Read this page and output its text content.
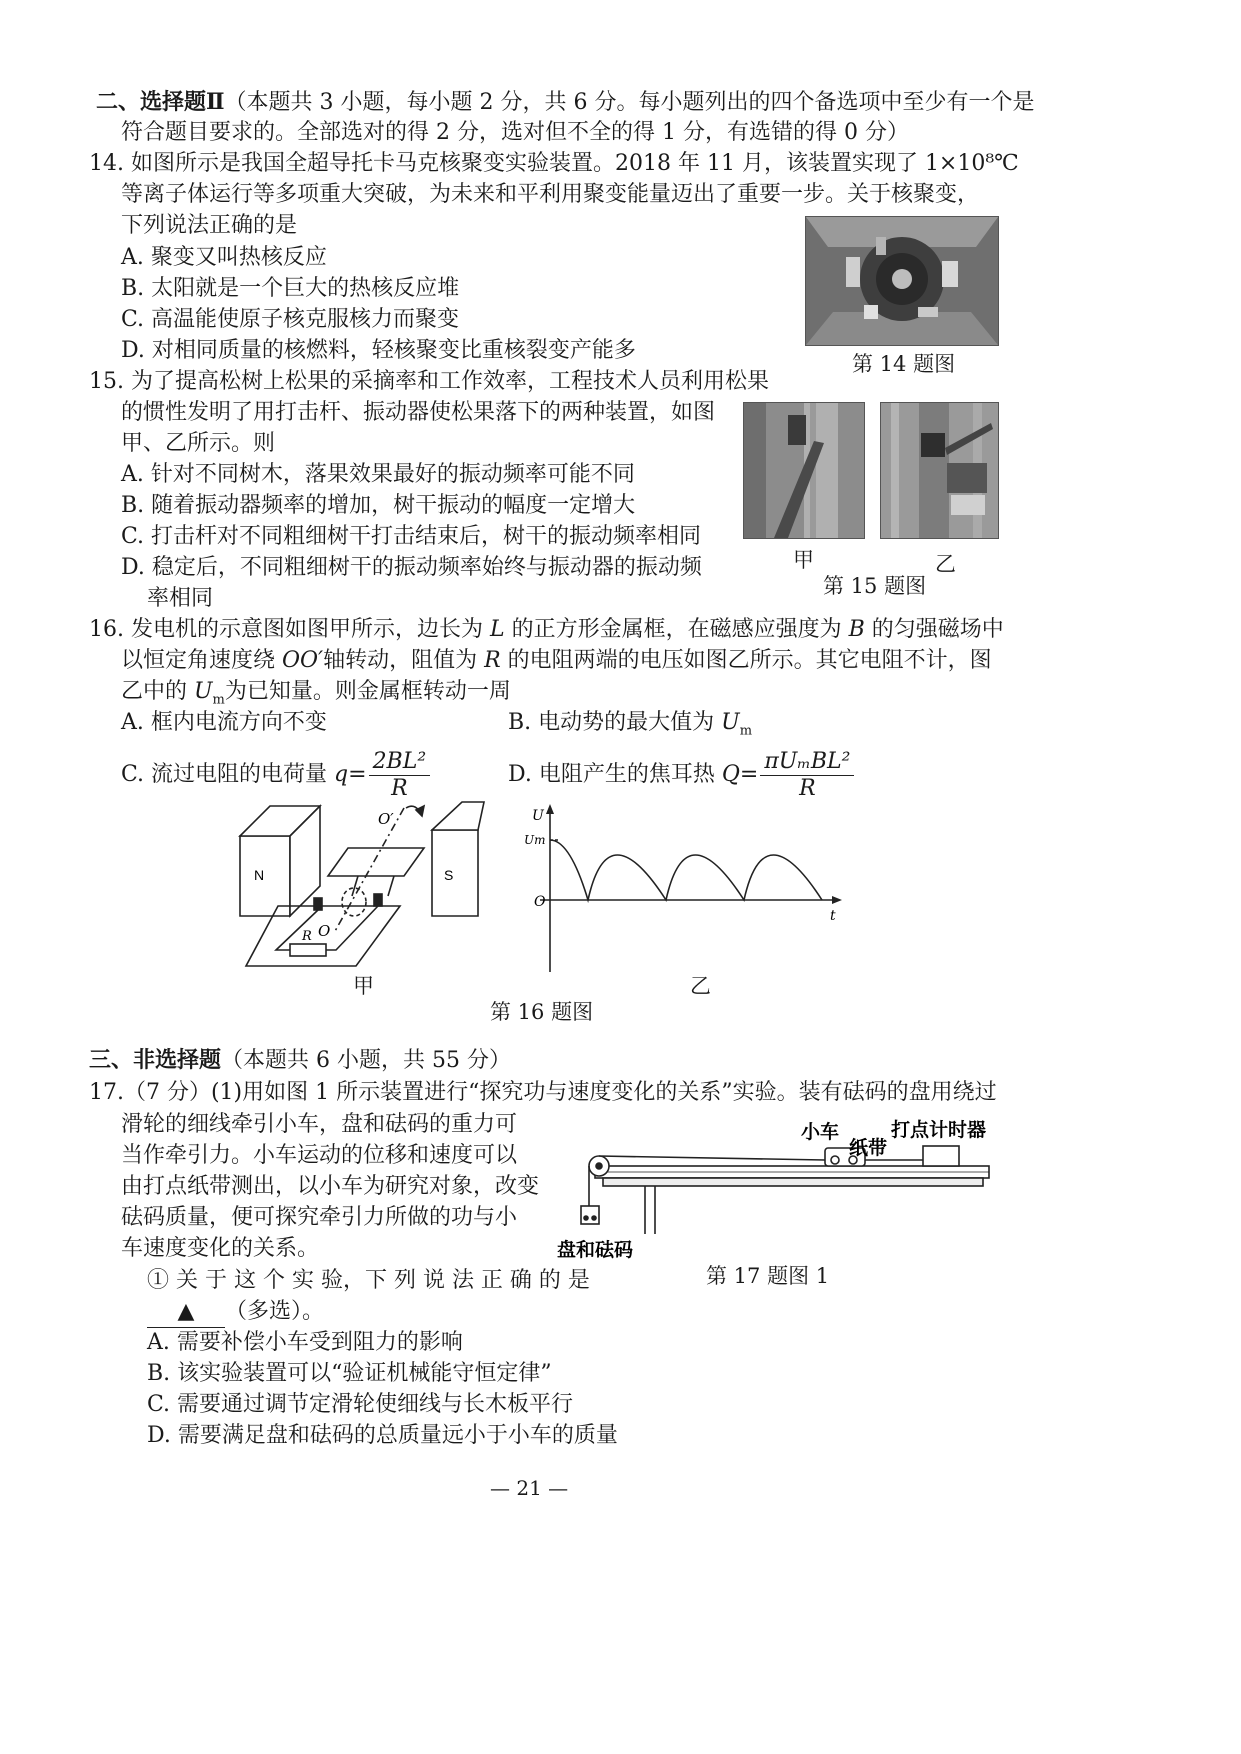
二、选择题Ⅱ（本题共 3 小题，每小题 2 分，共 6 分。每小题列出的四个备选项中至少有一个是
符合题目要求的。全部选对的得 2 分，选对但不全的得 1 分，有选错的得 0 分）
14. 如图所示是我国全超导托卡马克核聚变实验装置。2018 年 11 月，该装置实现了 1×10⁸℃
等离子体运行等多项重大突破，为未来和平利用聚变能量迈出了重要一步。关于核聚变，
下列说法正确的是
A. 聚变又叫热核反应
B. 太阳就是一个巨大的热核反应堆
C. 高温能使原子核克服核力而聚变
D. 对相同质量的核燃料，轻核聚变比重核裂变产能多
第 14 题图
15. 为了提高松树上松果的采摘率和工作效率，工程技术人员利用松果
的惯性发明了用打击杆、振动器使松果落下的两种装置，如图
甲、乙所示。则
A. 针对不同树木，落果效果最好的振动频率可能不同
B. 随着振动器频率的增加，树干振动的幅度一定增大
C. 打击杆对不同粗细树干打击结束后，树干的振动频率相同
D. 稳定后，不同粗细树干的振动频率始终与振动器的振动频
率相同
甲	乙
第 15 题图
16. 发电机的示意图如图甲所示，边长为 L 的正方形金属框，在磁感应强度为 B 的匀强磁场中
以恒定角速度绕 OO′轴转动，阻值为 R 的电阻两端的电压如图乙所示。其它电阻不计，图
乙中的 $U_m$为已知量。则金属框转动一周
A. 框内电流方向不变	B. 电动势的最大值为 $U_m$
C. 流过电阻的电荷量 $q= \frac{\text{2BL²}}{R}$	D. 电阻产生的焦耳热 $Q= \frac{\text{πUₘBL²}}{R}$
N	S
O′
O
R
甲
U
Um
O
t
乙
第 16 题图
三、非选择题（本题共 6 小题，共 55 分）
17.（7 分）(1)用如图 1 所示装置进行“探究功与速度变化的关系”实验。装有砝码的盘用绕过
滑轮的细线牵引小车，盘和砝码的重力可
当作牵引力。小车运动的位移和速度可以
由打点纸带测出，以小车为研究对象，改变
砝码质量，便可探究牵引力所做的功与小
车速度变化的关系。
① 关 于 这 个 实 验，下 列 说 法 正 确 的 是
▲ （多选）。
A. 需要补偿小车受到阻力的影响
B. 该实验装置可以“验证机械能守恒定律”
C. 需要通过调节定滑轮使细线与长木板平行
D. 需要满足盘和砝码的总质量远小于小车的质量
小车
纸带
打点计时器
盘和砝码
第 17 题图 1
— 21 —
